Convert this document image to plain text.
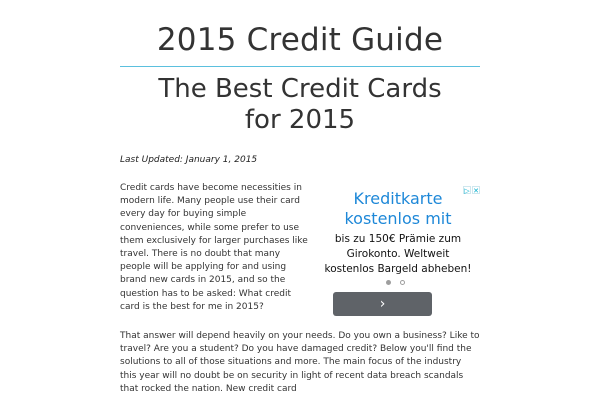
2015 Credit Guide
The Best Credit Cards
for 2015
Last Updated: January 1, 2015
Credit cards have become necessities in modern life. Many people use their card every day for buying simple conveniences, while some prefer to use them exclusively for larger purchases like travel. There is no doubt that many people will be applying for and using brand new cards in 2015, and so the question has to be asked: What credit card is the best for me in 2015?
▷ ✕
Kreditkarte
kostenlos mit
bis zu 150€ Prämie zum
Girokonto. Weltweit
kostenlos Bargeld abheben!
›
That answer will depend heavily on your needs. Do you own a business? Like to travel? Are you a student? Do you have damaged credit? Below you'll find the solutions to all of those situations and more. The main focus of the industry this year will no doubt be on security in light of recent data breach scandals that rocked the nation. New credit card
